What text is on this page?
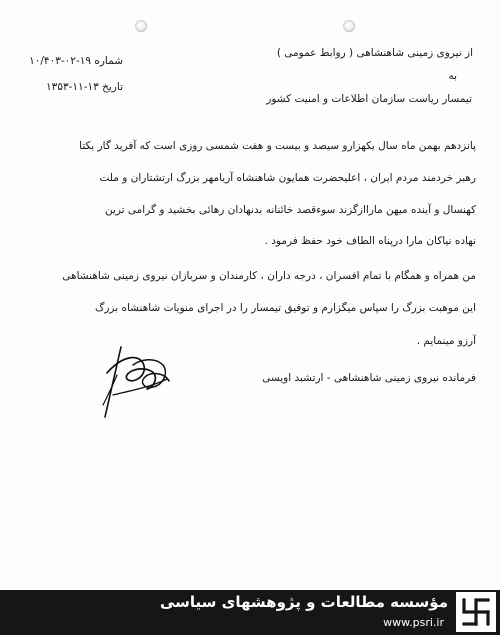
شماره ۱۹-۰۲-۱۰/۴۰۳
تاریخ ۱۳-۱۱-۱۳۵۳
از نیروی زمینی شاهنشاهی ( روابط عمومی )
به
تیمسار ریاست سازمان اطلاعات و امنیت کشور
پانزدهم بهمن ماه سال یکهزارو سیصد و بیست و هفت شمسی روزی است که آفرید گار یکتا
رهبر خردمند مردم ایران ، اعلیحضرت همایون شاهنشاه آریامهر بزرگ ارتشتاران و ملت
کهنسال و آینده میهن ماراازگزند سوءقصد خائنانه بدنهادان رهائی بخشید و گرامی ترین
نهاده نیاکان مارا درپناه الطاف خود حفظ فرمود .
من همراه و همگام با تمام افسران ، درجه داران ، کارمندان و سربازان نیروی زمینی شاهنشاهی
این موهبت بزرگ را سپاس میگزارم و توفیق تیمسار را در اجرای منویات شاهنشاه بزرگ
آرزو مینمایم .
فرمانده نیروی زمینی شاهنشاهی - ارتشبد اویسی
مؤسسه مطالعات و پژوهشهای سیاسی
www.psri.ir
